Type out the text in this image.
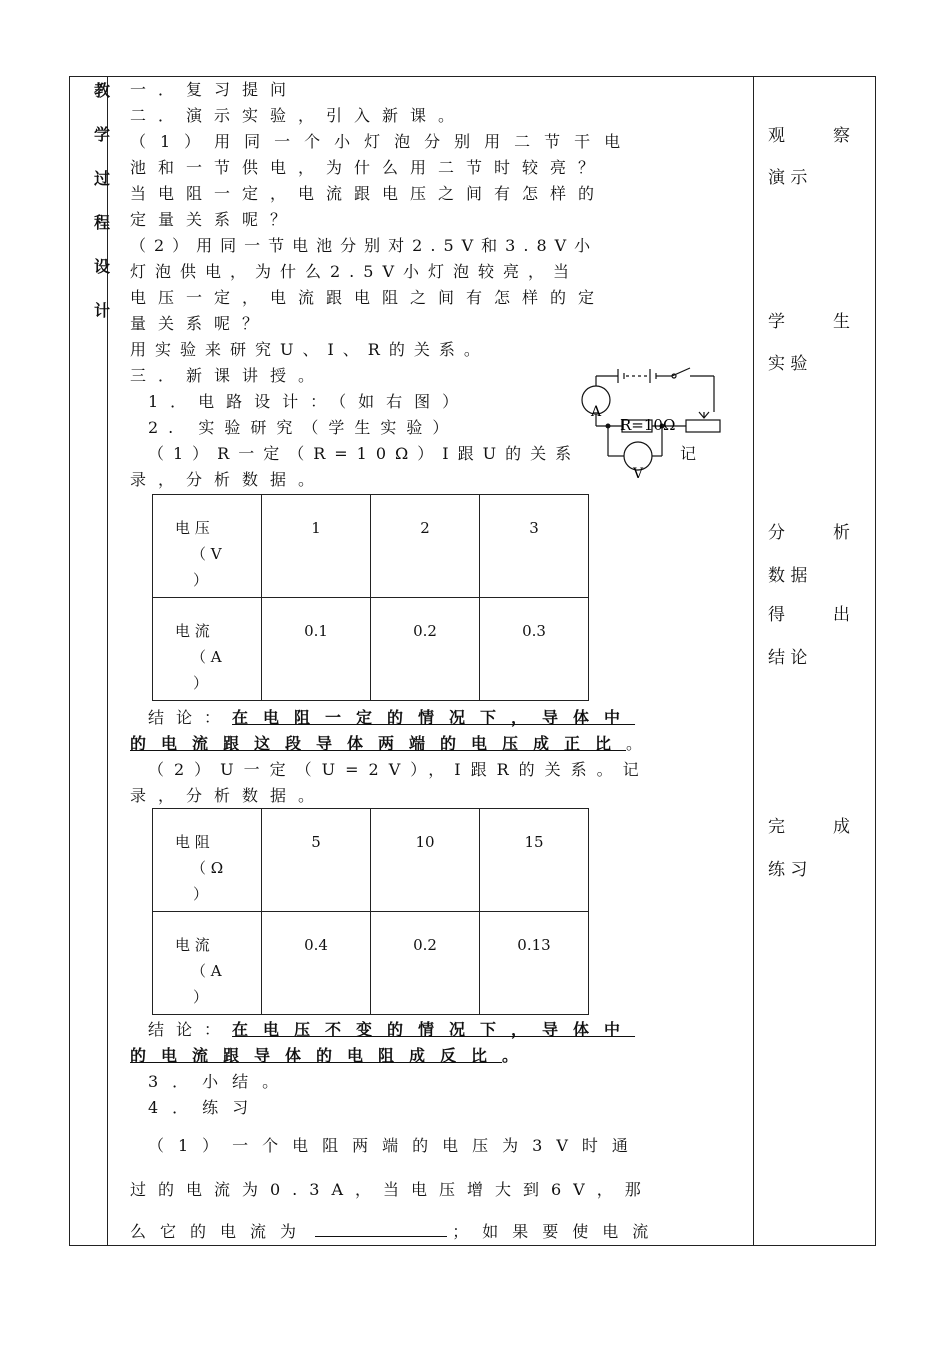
教
学
过
程
设
计
一．复习提问
二．演示实验，引入新课。
（1）用同一个小灯泡分别用二节干电
池和一节供电，为什么用二节时较亮？
当电阻一定，电流跟电压之间有怎样的
定量关系呢？
（2）用同一节电池分别对2.5V和3.8V小
灯泡供电，为什么2.5V小灯泡较亮，当
电压一定，电流跟电阻之间有怎样的定
量关系呢？
用实验来研究U、I、R的关系。
三．新课讲授。
1．电路设计：（如右图）
2. 实验研究（学生实验）
（1）R一定（R=10Ω）I跟U的关系	记
录，分析数据。
A
R=10Ω
V
电 压
（ V
）	1	2	3

电 流
（ A
）	0.1	0.2	0.3
结论：在电阻一定的情况下，导体中
的电流跟这段导体两端的电压成正比。
（2）U一定（U=2V），I跟R的关系。记
录，分析数据。
电 阻
（ Ω
）	5	10	15

电 流
（ A
）	0.4	0.2	0.13
结论：在电压不变的情况下，导体中
的电流跟导体的电阻成反比。
3．小结。
4．练习
（1）一个电阻两端的电压为3V时通
过的电流为0.3A，当电压增大到6V，那
么它的电流为	；如果要使电流
观	察
演 示
学	生
实 验
分	析
数 据
得	出
结 论
完	成
练 习
